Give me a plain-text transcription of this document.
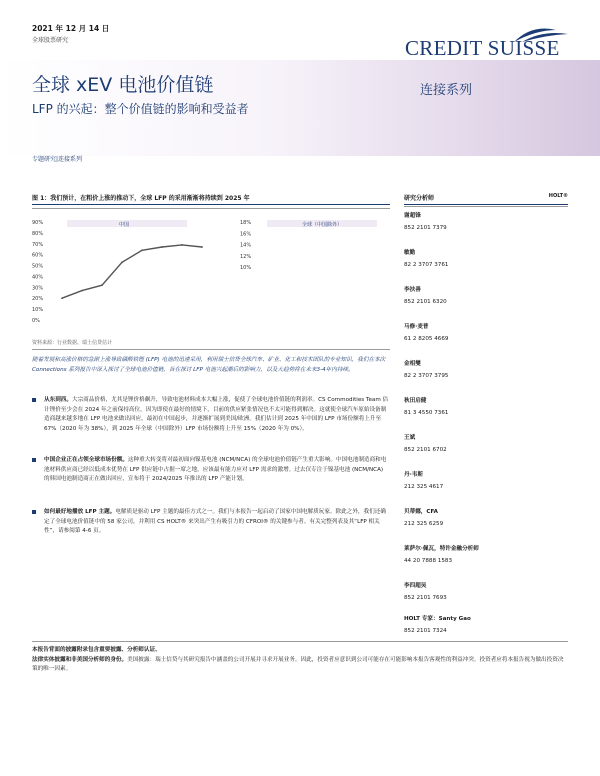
2021 年 12 月 14 日
全球股票研究	CREDIT SUISSE
全球 xEV 电池价值链	连接系列
LFP 的兴起：整个价值链的影响和受益者
专题研究|连接系列
图 1：我们预计，在粗价上涨的推动下，全球 LFP 的采用渐渐将持续到 2025 年
90%
80%
70%
60%
50%
40%
30%
20%
10%
0%
中国	18%
16%
14%
12%
10%
全球（中国除外）
资料来源：行业数据、瑞士信贷估计
随着发展和高涨价格的急剧上涨导致磷酸铁锂 (LFP) 电池的迅速采用，利用瑞士信贷全球汽车、矿业、化工和技术团队的专业知识，我们在本次 Connections 系列报告中深入探讨了全球电池价值链，旨在探讨 LFP 电池兴起潮后的影响力，以及大趋势将在未来3-4年内持续。
从东到西。大宗商品价格，尤其是锂价格飙升，导致电池材料成本大幅上涨，促使了全球电池价值链的利润率。CS Commodities Team 估计锂价至少会在 2024 年之前保持高位，因为即使在最好的情境下，目前的供应紧张情况也不太可能得到解决。这就使全球汽车原始设备制造商越来越多地在 LFP 电池来做出回应，最初在中国起步，并逐渐扩展到美国/欧洲。我们估计到 2025 年中国的 LFP 市场份额将上升至 67%（2020 年为 38%），到 2025 年全球（中国除外）LFP 市场份额将上升至 15%（2020 年为 0%）。
中国企业正在占领全球市场份额。这种重大转变将对最初面向镍基电池 (NCM/NCA) 的全球电池价值链产生重大影响。中国电池制造商和电池材料供应商已经以低成本优势在 LFP 供应链中占据一席之地，应该最有能力应对 LFP 需求的激增。过去仅专注于镍基电池 (NCM/NCA) 的韩国电池制造商正在做出回应，宣布将于 2024/2025 年推出的 LFP 产能计划。
如何最好地播放 LFP 主题。电解质是驱动 LFP 主题的最佳方式之一。我们与本报告一起启动了国家中国电解质玩家。除此之外，我们还确定了全球电池价值链中的 58 家公司，并利用 CS HOLT® 来突出产生有吸引力的 CFROI® 的关键参与者。有关完整列表及其“LFP 相关性”，请参阅第 4-6 页。
研究分析师	HOLT®
谢超锋
852 2101 7379
敏勤
82 2 3707 3761
李扶善
852 2101 6320
马修·麦普
61 2 8205 4669
金相燮
82 2 3707 3795
秋田启健
81 3 4550 7361
王斌
852 2101 6702
丹·韦斯
212 325 4617
贝蒂娜，CFA
212 325 6259
莱萨尔·佩瓦，特许金融分析师
44 20 7888 1583
李四超吴
852 2101 7693
HOLT 专家：Santy Gao
852 2101 7324
本报告背面的披露附录包含重要披露、分析师认证、
法律实体披露和非美国分析师的身份。美国披露：瑞士信贷与其研究报告中涵盖的公司开展并寻求开展业务。因此，投资者应意识到公司可能存在可能影响本报告客观性的利益冲突。投资者应将本报告视为做出投资决策的唯一因素。
